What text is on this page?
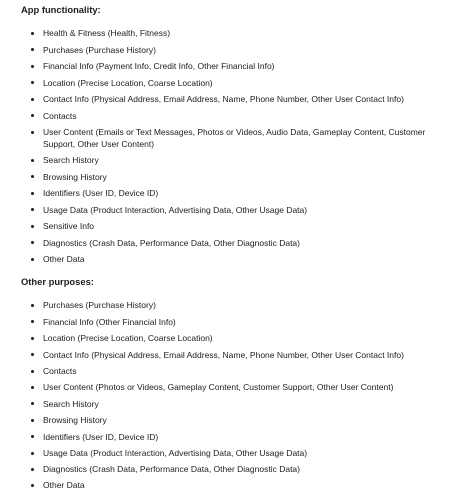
App functionality:
Health & Fitness (Health, Fitness)
Purchases (Purchase History)
Financial Info (Payment Info, Credit Info, Other Financial Info)
Location (Precise Location, Coarse Location)
Contact Info (Physical Address, Email Address, Name, Phone Number, Other User Contact Info)
Contacts
User Content (Emails or Text Messages, Photos or Videos, Audio Data, Gameplay Content, Customer Support, Other User Content)
Search History
Browsing History
Identifiers (User ID, Device ID)
Usage Data (Product Interaction, Advertising Data, Other Usage Data)
Sensitive Info
Diagnostics (Crash Data, Performance Data, Other Diagnostic Data)
Other Data
Other purposes:
Purchases (Purchase History)
Financial Info (Other Financial Info)
Location (Precise Location, Coarse Location)
Contact Info (Physical Address, Email Address, Name, Phone Number, Other User Contact Info)
Contacts
User Content (Photos or Videos, Gameplay Content, Customer Support, Other User Content)
Search History
Browsing History
Identifiers (User ID, Device ID)
Usage Data (Product Interaction, Advertising Data, Other Usage Data)
Diagnostics (Crash Data, Performance Data, Other Diagnostic Data)
Other Data
